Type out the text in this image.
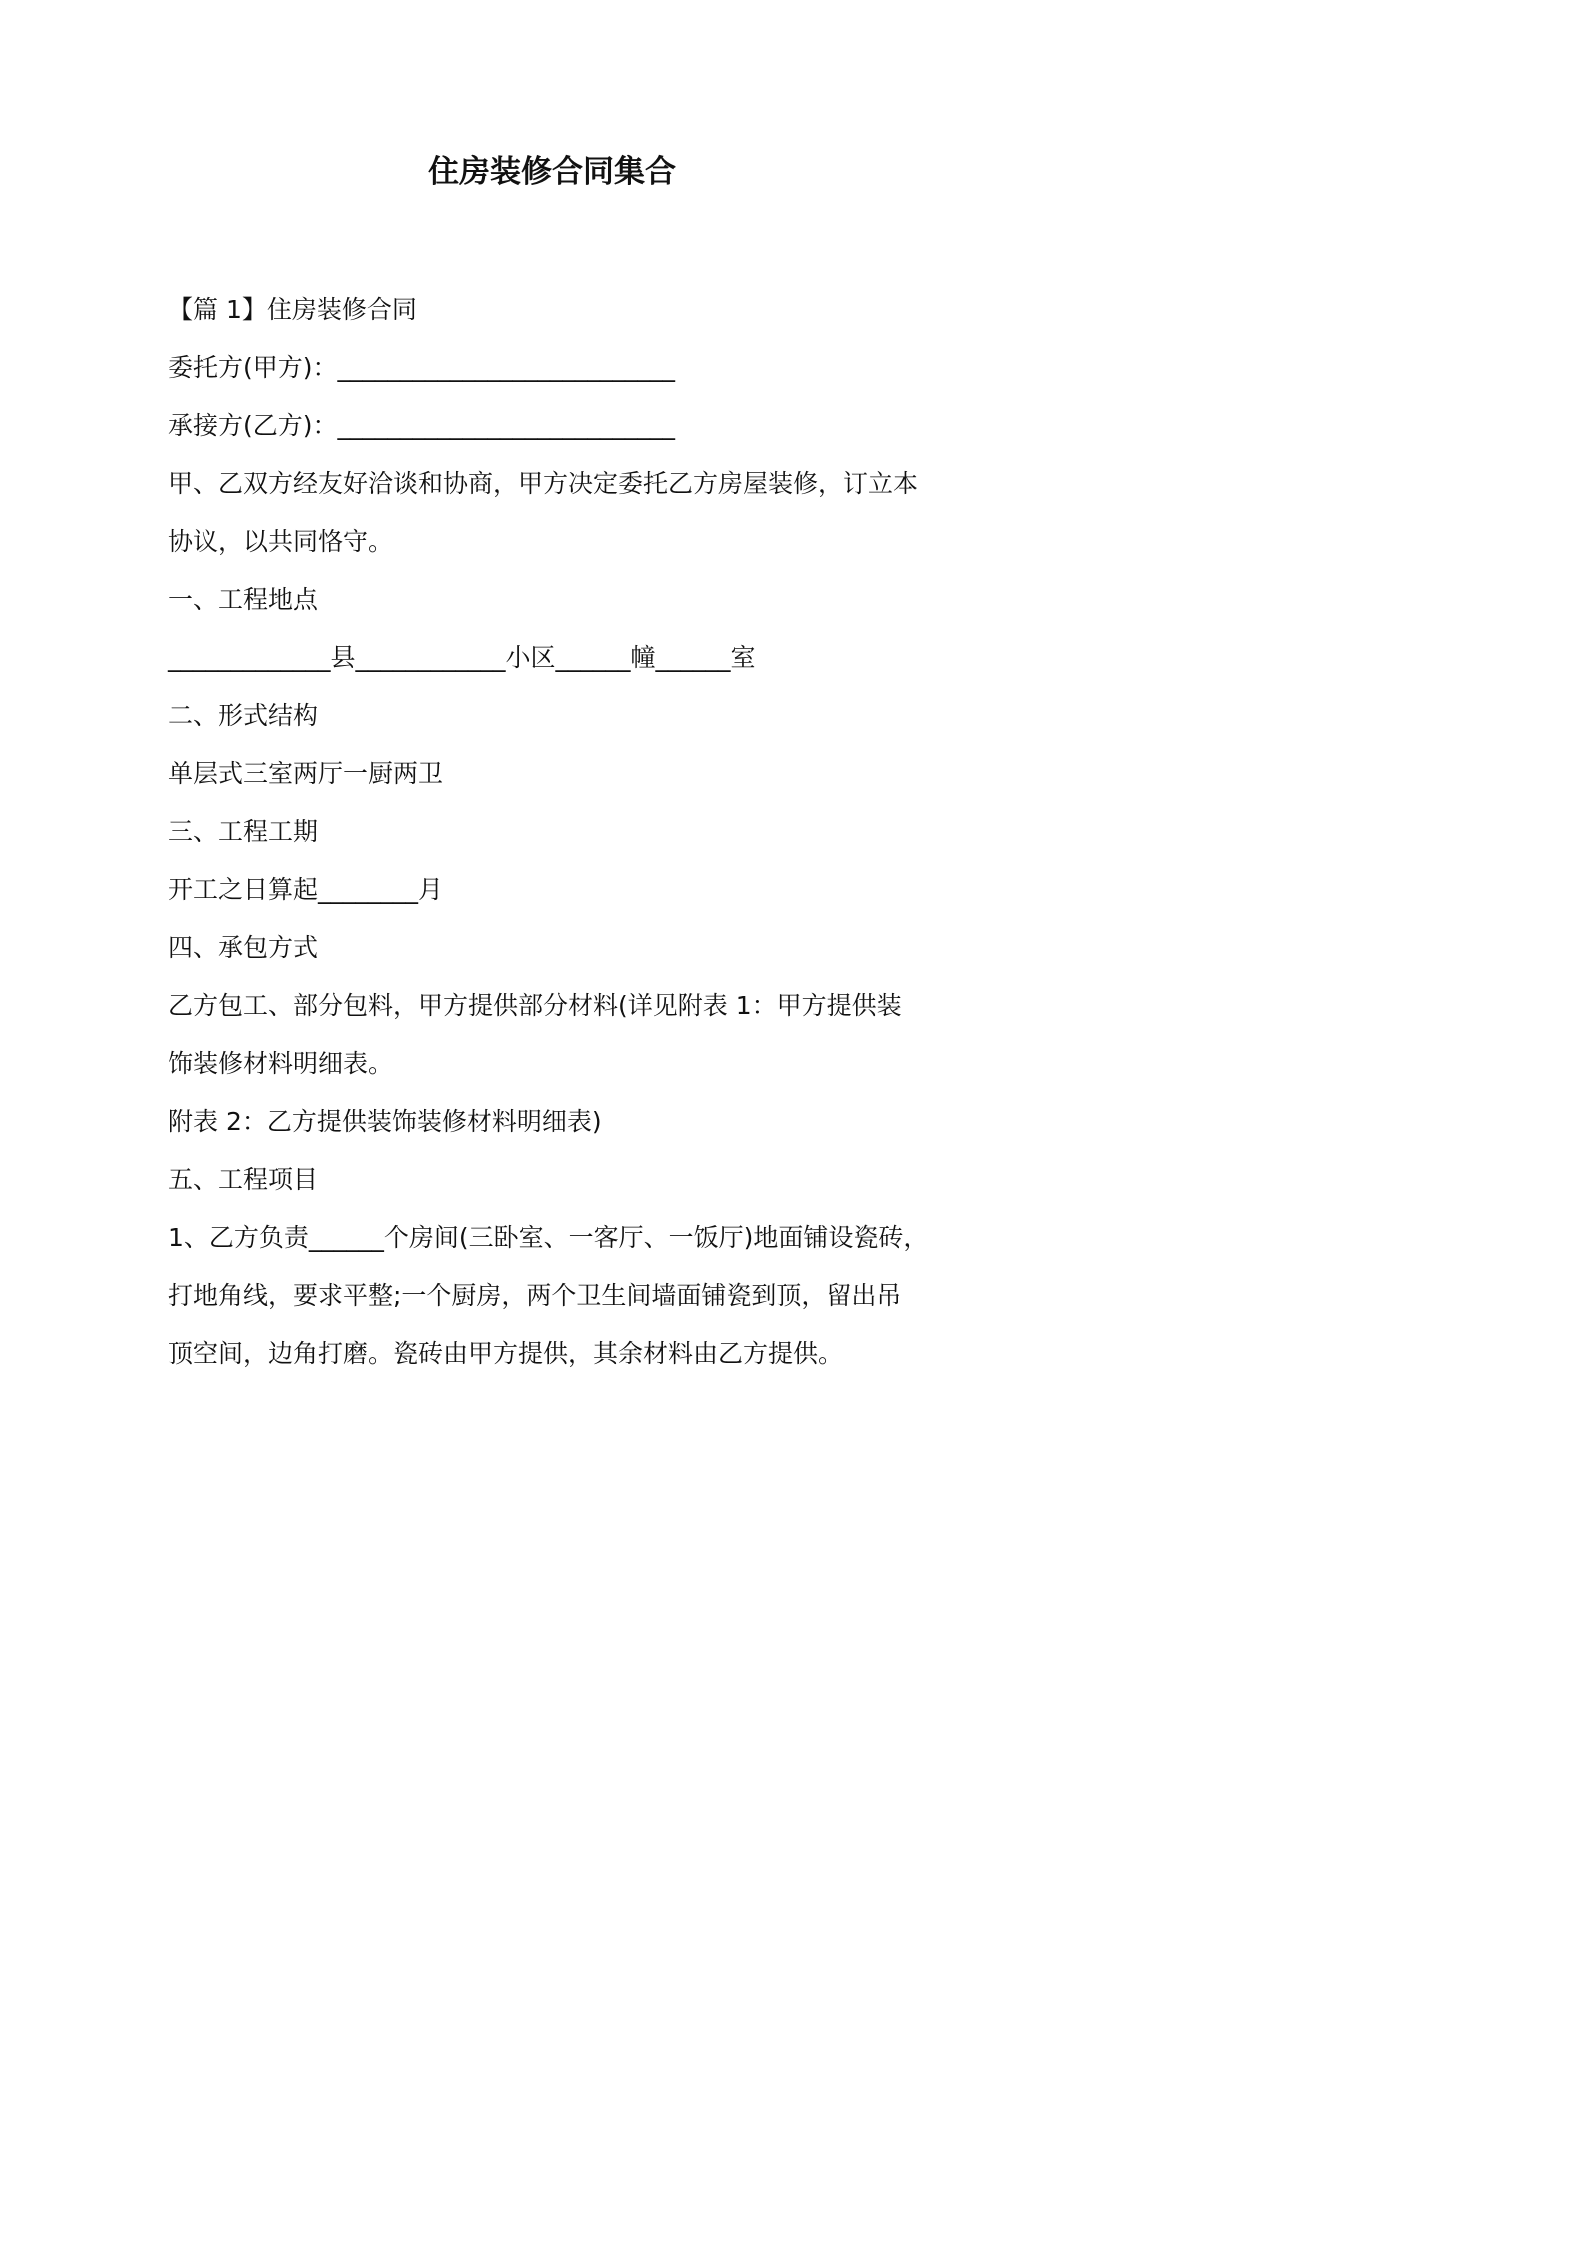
住房装修合同集合

【篇 1】住房装修合同

委托方(甲方)：___________________________

承接方(乙方)：___________________________

甲、乙双方经友好洽谈和协商，甲方决定委托乙方房屋装修，订立本

协议，以共同恪守。

一、工程地点

_____________县____________小区______幢______室

二、形式结构

单层式三室两厅一厨两卫

三、工程工期

开工之日算起________月

四、承包方式

乙方包工、部分包料，甲方提供部分材料(详见附表 1：甲方提供装

饰装修材料明细表。

附表 2：乙方提供装饰装修材料明细表)

五、工程项目

1、乙方负责______个房间(三卧室、一客厅、一饭厅)地面铺设瓷砖，

打地角线，要求平整;一个厨房，两个卫生间墙面铺瓷到顶，留出吊

顶空间，边角打磨。瓷砖由甲方提供，其余材料由乙方提供。
